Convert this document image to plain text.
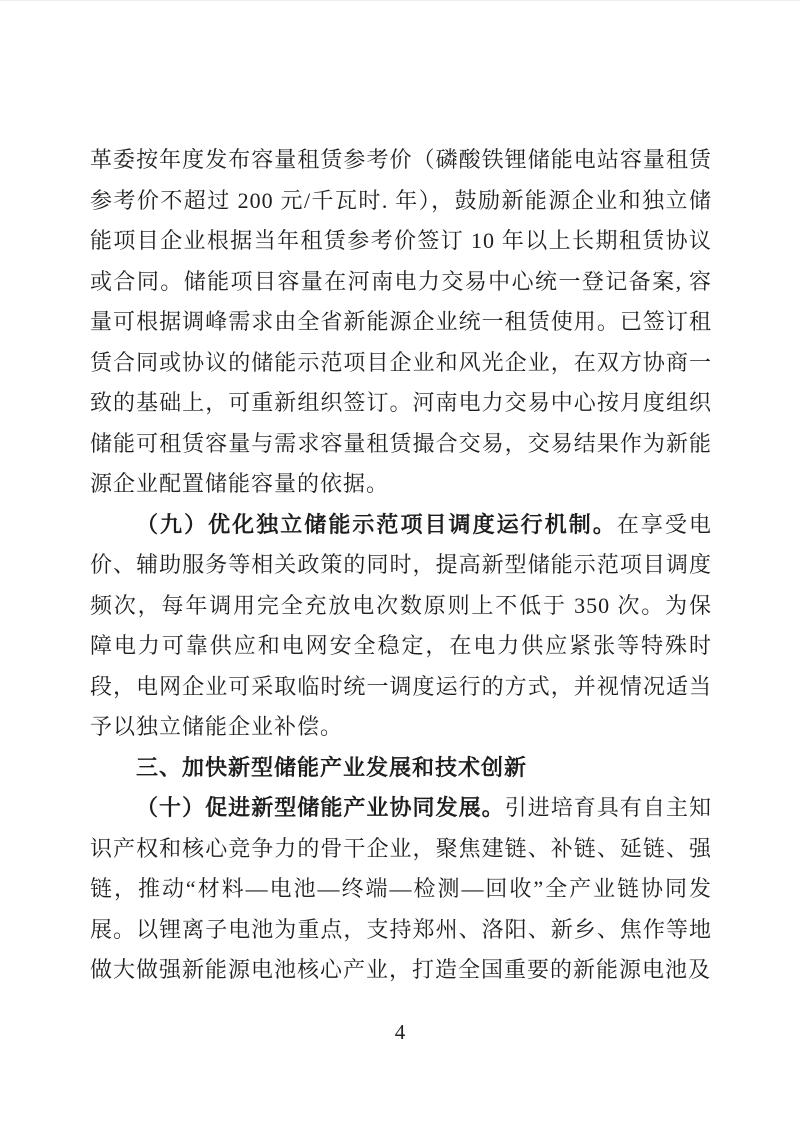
革委按年度发布容量租赁参考价（磷酸铁锂储能电站容量租赁参考价不超过 200 元/千瓦时. 年），鼓励新能源企业和独立储能项目企业根据当年租赁参考价签订 10 年以上长期租赁协议或合同。储能项目容量在河南电力交易中心统一登记备案, 容量可根据调峰需求由全省新能源企业统一租赁使用。已签订租赁合同或协议的储能示范项目企业和风光企业，在双方协商一致的基础上，可重新组织签订。河南电力交易中心按月度组织储能可租赁容量与需求容量租赁撮合交易，交易结果作为新能源企业配置储能容量的依据。

（九）优化独立储能示范项目调度运行机制。在享受电价、辅助服务等相关政策的同时，提高新型储能示范项目调度频次，每年调用完全充放电次数原则上不低于 350 次。为保障电力可靠供应和电网安全稳定，在电力供应紧张等特殊时段，电网企业可采取临时统一调度运行的方式，并视情况适当予以独立储能企业补偿。

三、加快新型储能产业发展和技术创新

（十）促进新型储能产业协同发展。引进培育具有自主知识产权和核心竞争力的骨干企业，聚焦建链、补链、延链、强链，推动“材料—电池—终端—检测—回收”全产业链协同发展。以锂离子电池为重点，支持郑州、洛阳、新乡、焦作等地做大做强新能源电池核心产业，打造全国重要的新能源电池及

4
